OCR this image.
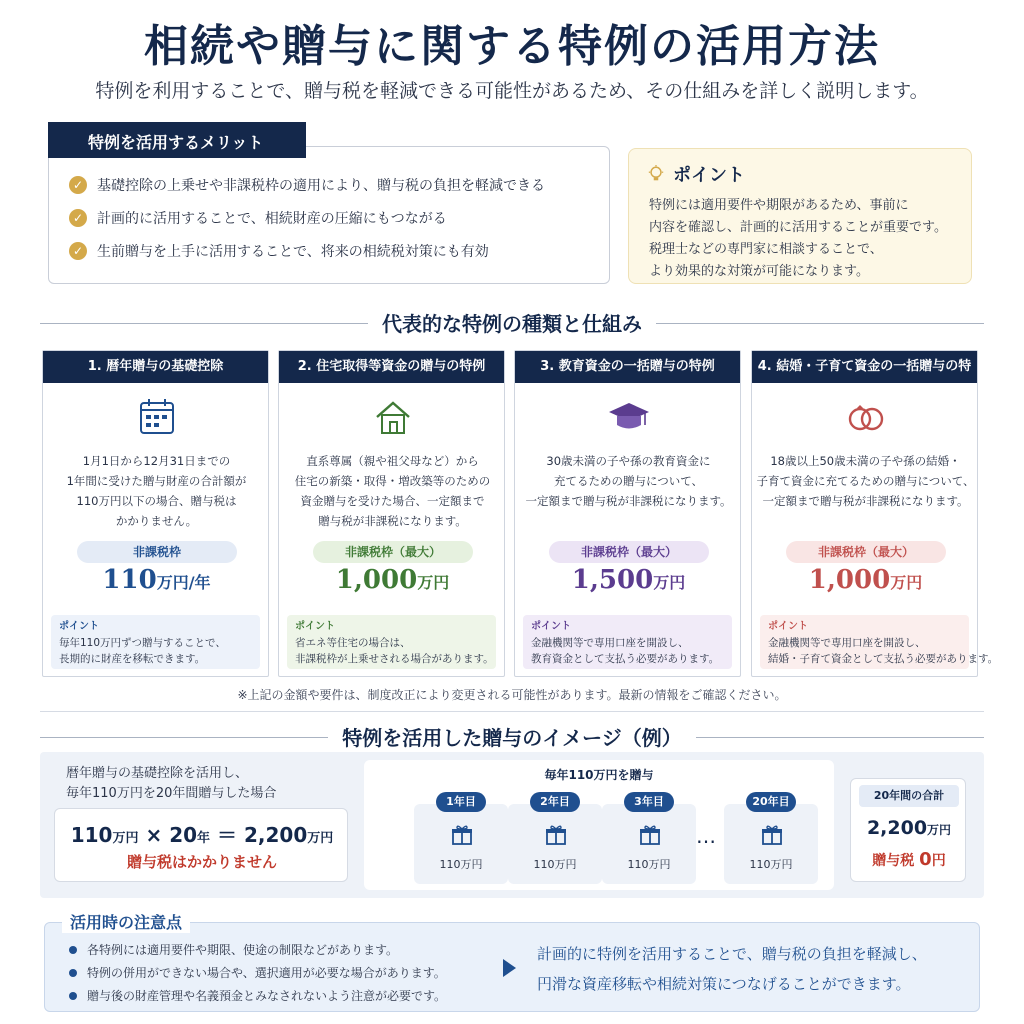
相続や贈与に関する特例の活用方法
特例を利用することで、贈与税を軽減できる可能性があるため、その仕組みを詳しく説明します。
✓ 基礎控除の上乗せや非課税枠の適用により、贈与税の負担を軽減できる
✓ 計画的に活用することで、相続財産の圧縮にもつながる
✓ 生前贈与を上手に活用することで、将来の相続税対策にも有効
特例を活用するメリット
ポイント
特例には適用要件や期限があるため、事前に
内容を確認し、計画的に活用することが重要です。
税理士などの専門家に相談することで、
より効果的な対策が可能になります。
代表的な特例の種類と仕組み
1. 暦年贈与の基礎控除
1月1日から12月31日までの
1年間に受けた贈与財産の合計額が
110万円以下の場合、贈与税は
かかりません。
非課税枠
110万円/年
ポイント
毎年110万円ずつ贈与することで、
長期的に財産を移転できます。
2. 住宅取得等資金の贈与の特例
直系尊属（親や祖父母など）から
住宅の新築・取得・増改築等のための
資金贈与を受けた場合、一定額まで
贈与税が非課税になります。
非課税枠（最大）
1,000万円
ポイント
省エネ等住宅の場合は、
非課税枠が上乗せされる場合があります。
3. 教育資金の一括贈与の特例
30歳未満の子や孫の教育資金に
充てるための贈与について、
一定額まで贈与税が非課税になります。
非課税枠（最大）
1,500万円
ポイント
金融機関等で専用口座を開設し、
教育資金として支払う必要があります。
4. 結婚・子育て資金の一括贈与の特例
18歳以上50歳未満の子や孫の結婚・
子育て資金に充てるための贈与について、
一定額まで贈与税が非課税になります。
非課税枠（最大）
1,000万円
ポイント
金融機関等で専用口座を開設し、
結婚・子育て資金として支払う必要があります。
※上記の金額や要件は、制度改正により変更される可能性があります。最新の情報をご確認ください。
特例を活用した贈与のイメージ（例）
暦年贈与の基礎控除を活用し、
毎年110万円を20年間贈与した場合
110万円 × 20年 ＝ 2,200万円
贈与税はかかりません
毎年110万円を贈与
110万円
1年目
110万円
2年目
110万円
3年目
…
110万円
20年目	20年間の合計
2,200万円
贈与税 0円
各特例には適用要件や期限、使途の制限などがあります。
特例の併用ができない場合や、選択適用が必要な場合があります。
贈与後の財産管理や名義預金とみなされないよう注意が必要です。
計画的に特例を活用することで、贈与税の負担を軽減し、
円滑な資産移転や相続対策につなげることができます。
活用時の注意点
